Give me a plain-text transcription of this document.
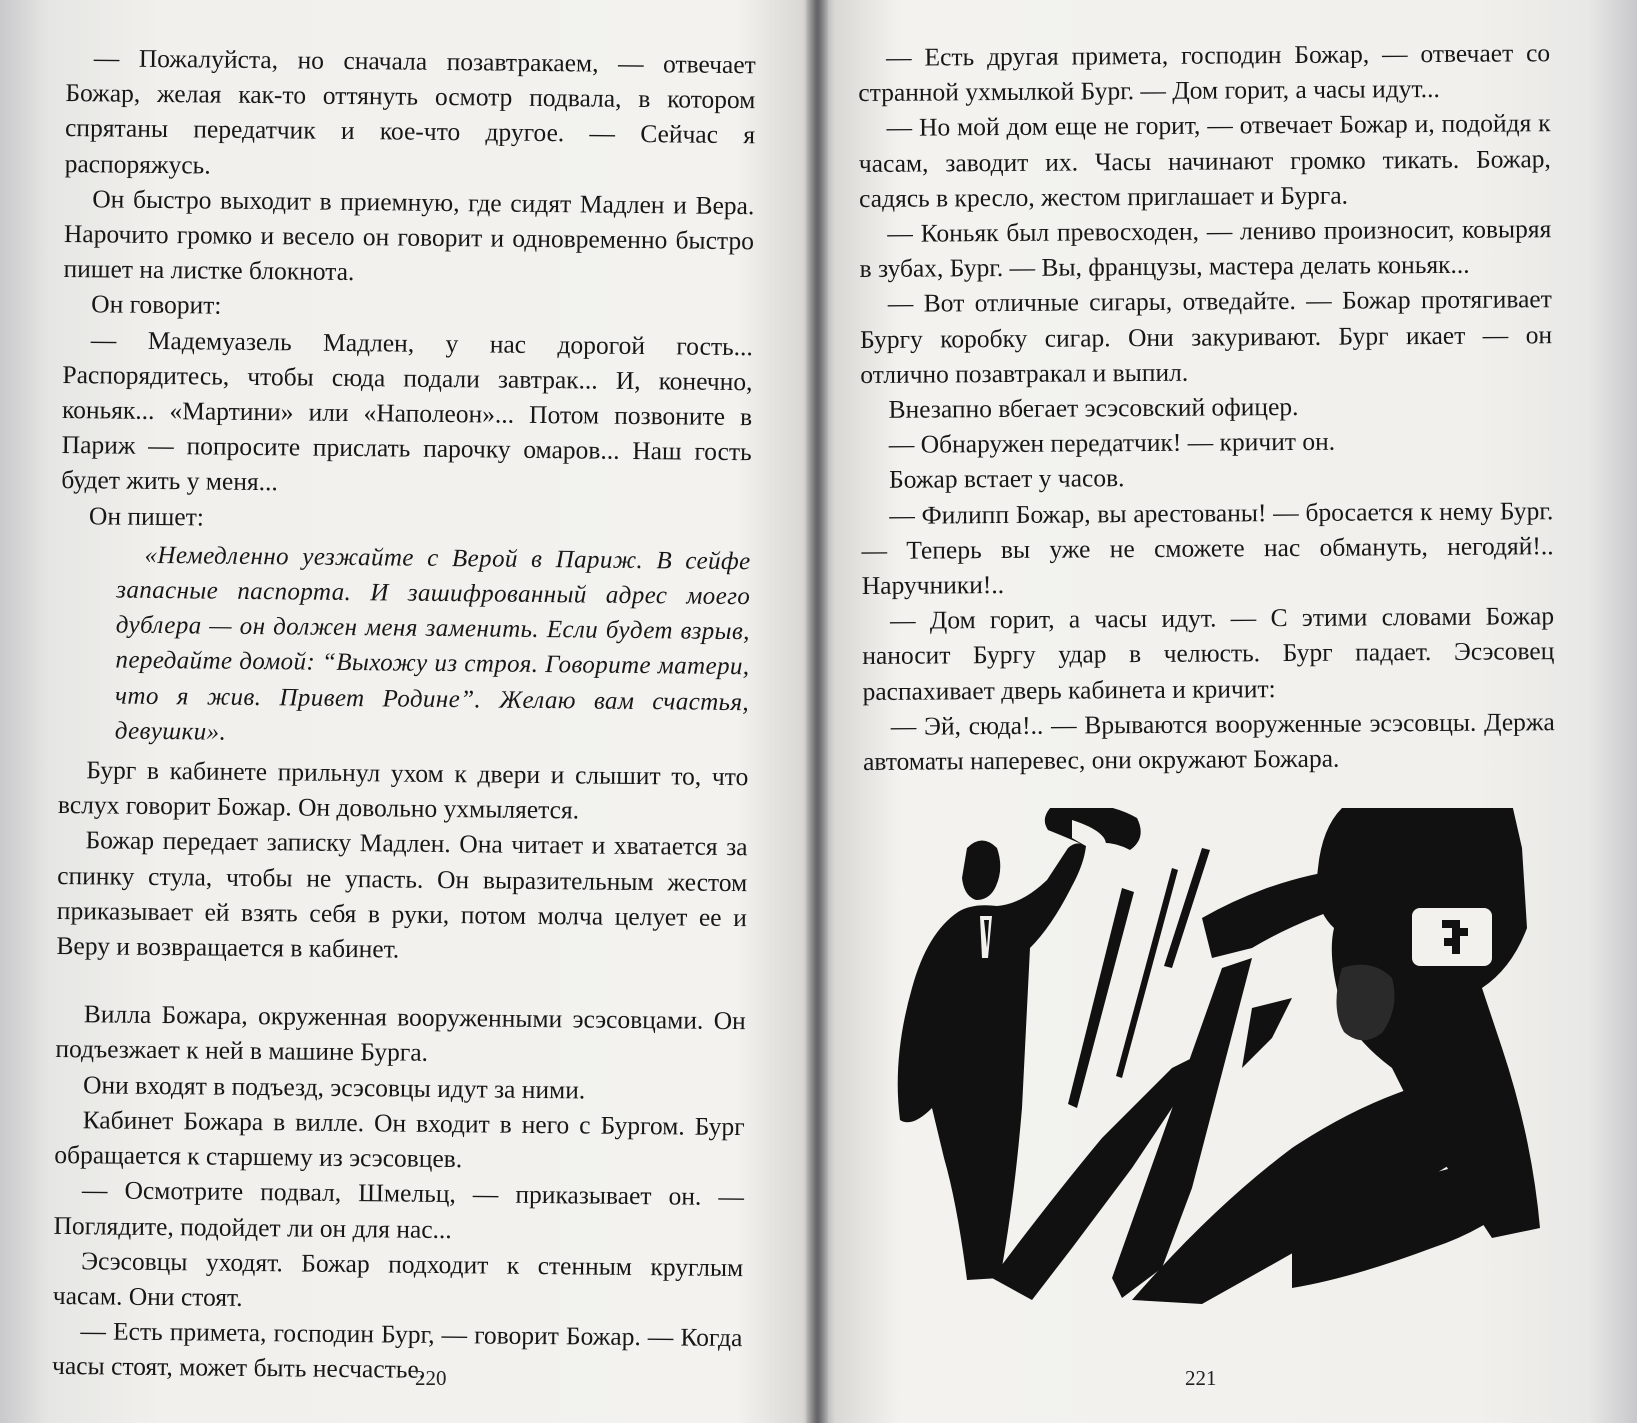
— Пожалуйста, но сначала позавтракаем, — отвечает Божар, желая как-то оттянуть осмотр подвала, в котором спрятаны передатчик и кое-что другое. — Сейчас я распоряжусь.

Он быстро выходит в приемную, где сидят Мадлен и Вера. Нарочито громко и весело он говорит и одновременно быстро пишет на листке блокнота.

Он говорит:

— Мадемуазель Мадлен, у нас дорогой гость... Распорядитесь, чтобы сюда подали завтрак... И, конечно, коньяк... «Мартини» или «Наполеон»... Потом позвоните в Париж — попросите прислать парочку омаров... Наш гость будет жить у меня...

Он пишет:

«Немедленно уезжайте с Верой в Париж. В сейфе запасные паспорта. И зашифрованный адрес моего дублера — он должен меня заменить. Если будет взрыв, передайте домой: “Выхожу из строя. Говорите матери, что я жив. Привет Родине”. Желаю вам счастья, девушки».

Бург в кабинете прильнул ухом к двери и слышит то, что вслух говорит Божар. Он довольно ухмыляется.

Божар передает записку Мадлен. Она читает и хватается за спинку стула, чтобы не упасть. Он выразительным жестом приказывает ей взять себя в руки, потом молча целует ее и Веру и возвращается в кабинет.

Вилла Божара, окруженная вооруженными эсэсовцами. Он подъезжает к ней в машине Бурга.

Они входят в подъезд, эсэсовцы идут за ними.

Кабинет Божара в вилле. Он входит в него с Бургом. Бург обращается к старшему из эсэсовцев.

— Осмотрите подвал, Шмельц, — приказывает он. — Поглядите, подойдет ли он для нас...

Эсэсовцы уходят. Божар подходит к стенным круглым часам. Они стоят.

— Есть примета, господин Бург, — говорит Божар. — Когда часы стоят, может быть несчастье.

220

— Есть другая примета, господин Божар, — отвечает со странной ухмылкой Бург. — Дом горит, а часы идут...

— Но мой дом еще не горит, — отвечает Божар и, подойдя к часам, заводит их. Часы начинают громко тикать. Божар, садясь в кресло, жестом приглашает и Бурга.

— Коньяк был превосходен, — лениво произносит, ковыряя в зубах, Бург. — Вы, французы, мастера делать коньяк...

— Вот отличные сигары, отведайте. — Божар протягивает Бургу коробку сигар. Они закуривают. Бург икает — он отлично позавтракал и выпил.

Внезапно вбегает эсэсовский офицер.

— Обнаружен передатчик! — кричит он.

Божар встает у часов.

— Филипп Божар, вы арестованы! — бросается к нему Бург. — Теперь вы уже не сможете нас обмануть, негодяй!.. Наручники!..

— Дом горит, а часы идут. — С этими словами Божар наносит Бургу удар в челюсть. Бург падает. Эсэсовец распахивает дверь кабинета и кричит:

— Эй, сюда!.. — Врываются вооруженные эсэсовцы. Держа автоматы наперевес, они окружают Божара.

221
